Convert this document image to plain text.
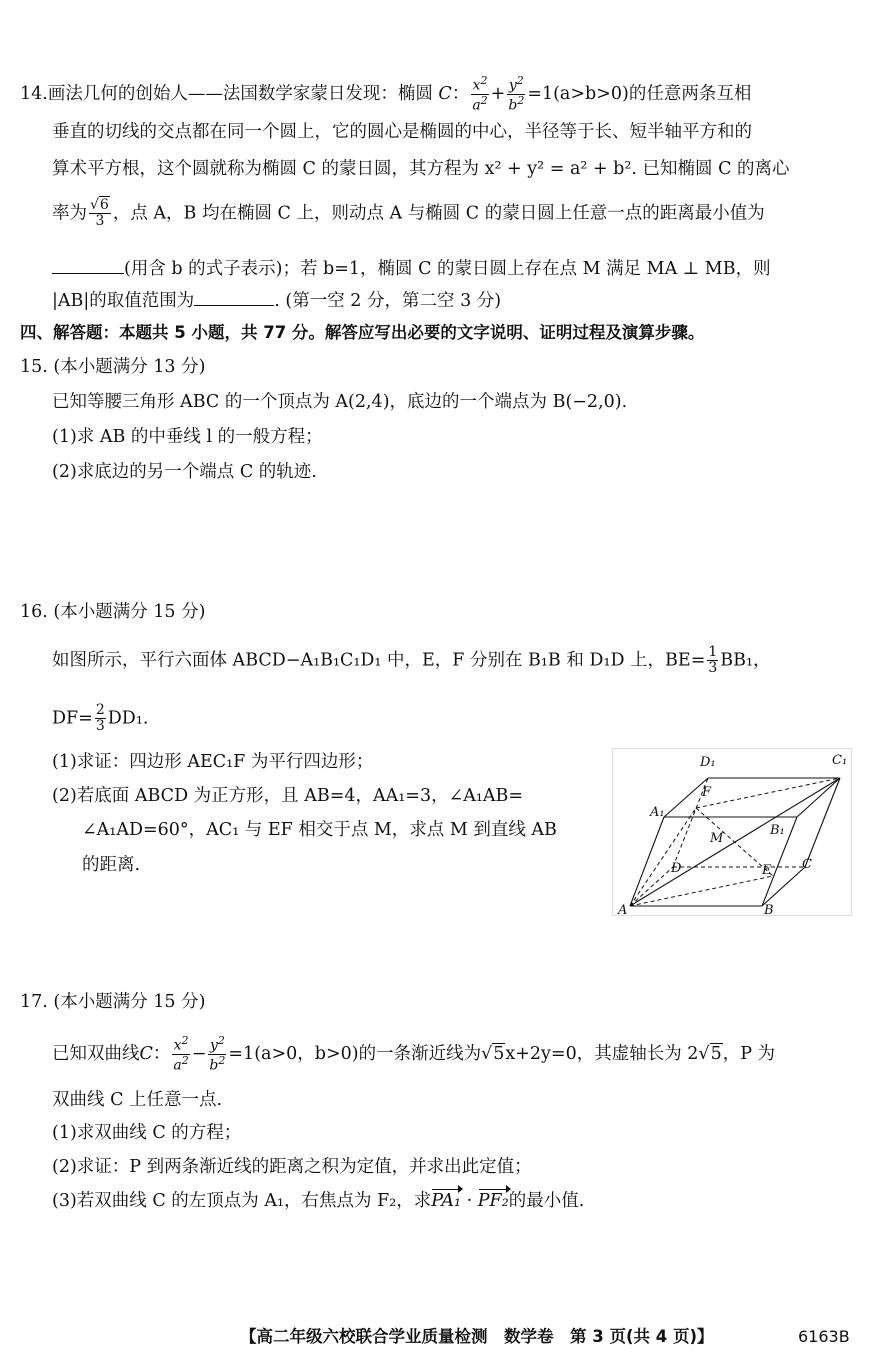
14.画法几何的创始人——法国数学家蒙日发现：椭圆 C： $\frac{x^2}{a^2} + \frac{y^2}{b^2} =1(a>b>0)$的任意两条互相
垂直的切线的交点都在同一个圆上，它的圆心是椭圆的中心，半径等于长、短半轴平方和的
算术平方根，这个圆就称为椭圆 C 的蒙日圆，其方程为 x² + y² = a² + b². 已知椭圆 C 的离心
率为 $\frac{√6}{3}$ ，点 A，B 均在椭圆 C 上，则动点 A 与椭圆 C 的蒙日圆上任意一点的距离最小值为
(用含 b 的式子表示)；若 b=1，椭圆 C 的蒙日圆上存在点 M 满足 MA ⊥ MB，则
|AB|的取值范围为	. (第一空 2 分，第二空 3 分)
四、解答题：本题共 5 小题，共 77 分。解答应写出必要的文字说明、证明过程及演算步骤。
15. (本小题满分 13 分)
已知等腰三角形 ABC 的一个顶点为 A(2,4)，底边的一个端点为 B(−2,0).
(1)求 AB 的中垂线 l 的一般方程；
(2)求底边的另一个端点 C 的轨迹.
16. (本小题满分 15 分)
如图所示，平行六面体 ABCD−A₁B₁C₁D₁ 中，E，F 分别在 B₁B 和 D₁D 上，$BE= \frac{1}{3} BB_1$，
$DF= \frac{2}{3} DD_1$.
(1)求证：四边形 AEC₁F 为平行四边形；
(2)若底面 ABCD 为正方形，且 AB=4，AA₁=3，∠A₁AB=
∠A₁AD=60°，AC₁ 与 EF 相交于点 M，求点 M 到直线 AB
的距离.
D₁	C₁
A₁
B₁
F
M
D	C
E
A	B
17. (本小题满分 15 分)
已知双曲线C： $\frac{x^2}{a^2} - \frac{y^2}{b^2} =1(a>0$，b>0)的一条渐近线为√5x+2y=0，其虚轴长为 2√5，P 为
双曲线 C 上任意一点.
(1)求双曲线 C 的方程；
(2)求证：P 到两条渐近线的距离之积为定值，并求出此定值；
(3)若双曲线 C 的左顶点为 A₁，右焦点为 F₂，求PA₁ · PF₂的最小值.
【高二年级六校联合学业质量检测　数学卷　第 3 页(共 4 页)】	6163B
